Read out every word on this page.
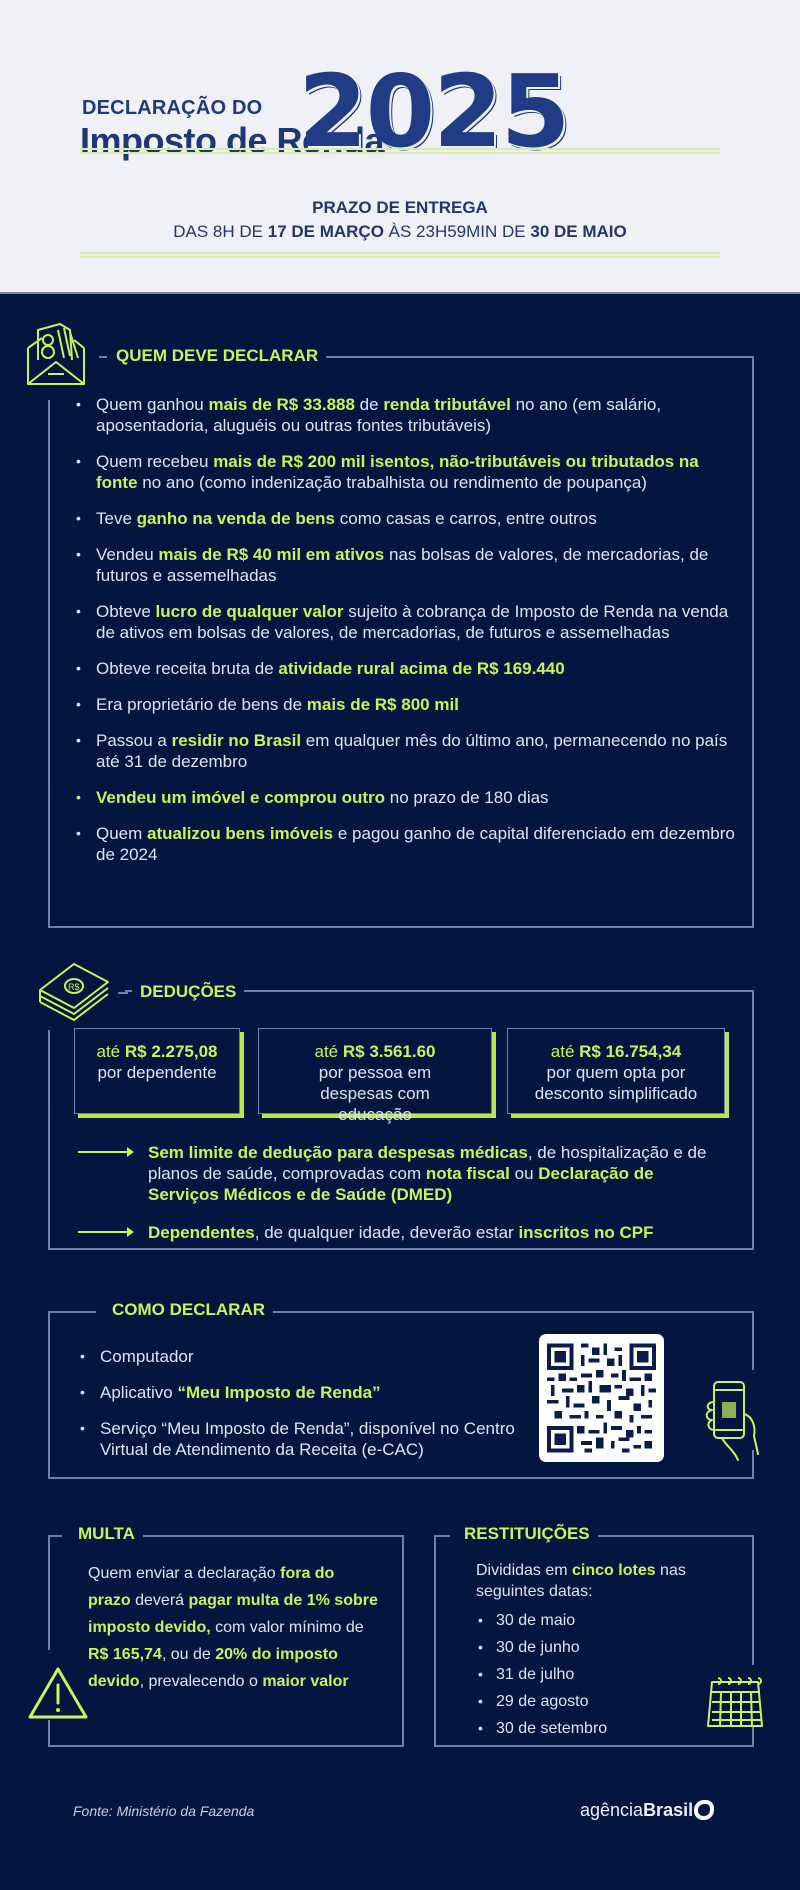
DECLARAÇÃO DO
Imposto de Renda
2025
PRAZO DE ENTREGA
DAS 8H DE 17 DE MARÇO ÀS 23H59MIN DE 30 DE MAIO
QUEM DEVE DECLARAR
• Quem ganhou mais de R$ 33.888 de renda tributável no ano (em salário, aposentadoria, aluguéis ou outras fontes tributáveis)
• Quem recebeu mais de R$ 200 mil isentos, não-tributáveis ou tributados na fonte no ano (como indenização trabalhista ou rendimento de poupança)
• Teve ganho na venda de bens como casas e carros, entre outros
• Vendeu mais de R$ 40 mil em ativos nas bolsas de valores, de mercadorias, de futuros e assemelhadas
• Obteve lucro de qualquer valor sujeito à cobrança de Imposto de Renda na venda de ativos em bolsas de valores, de mercadorias, de futuros e assemelhadas
• Obteve receita bruta de atividade rural acima de R$ 169.440
• Era proprietário de bens de mais de R$ 800 mil
• Passou a residir no Brasil em qualquer mês do último ano, permanecendo no país até 31 de dezembro
• Vendeu um imóvel e comprou outro no prazo de 180 dias
• Quem atualizou bens imóveis e pagou ganho de capital diferenciado em dezembro de 2024
DEDUÇÕES
R$
até R$ 2.275,08
por dependente
até R$ 3.561.60
por pessoa em despesas com educação
até R$ 16.754,34
por quem opta por desconto simplificado
Sem limite de dedução para despesas médicas, de hospitalização e de planos de saúde, comprovadas com nota fiscal ou Declaração de Serviços Médicos e de Saúde (DMED)
Dependentes, de qualquer idade, deverão estar inscritos no CPF
COMO DECLARAR
• Computador
• Aplicativo “Meu Imposto de Renda”
• Serviço “Meu Imposto de Renda”, disponível no Centro Virtual de Atendimento da Receita (e-CAC)
MULTA
Quem enviar a declaração fora do prazo deverá pagar multa de 1% sobre imposto devido, com valor mínimo de R$ 165,74, ou de 20% do imposto devido, prevalecendo o maior valor
RESTITUIÇÕES
Divididas em cinco lotes nas seguintes datas:
• 30 de maio
• 30 de junho
• 31 de julho
• 29 de agosto
• 30 de setembro
Fonte: Ministério da Fazenda	agênciaBrasil
